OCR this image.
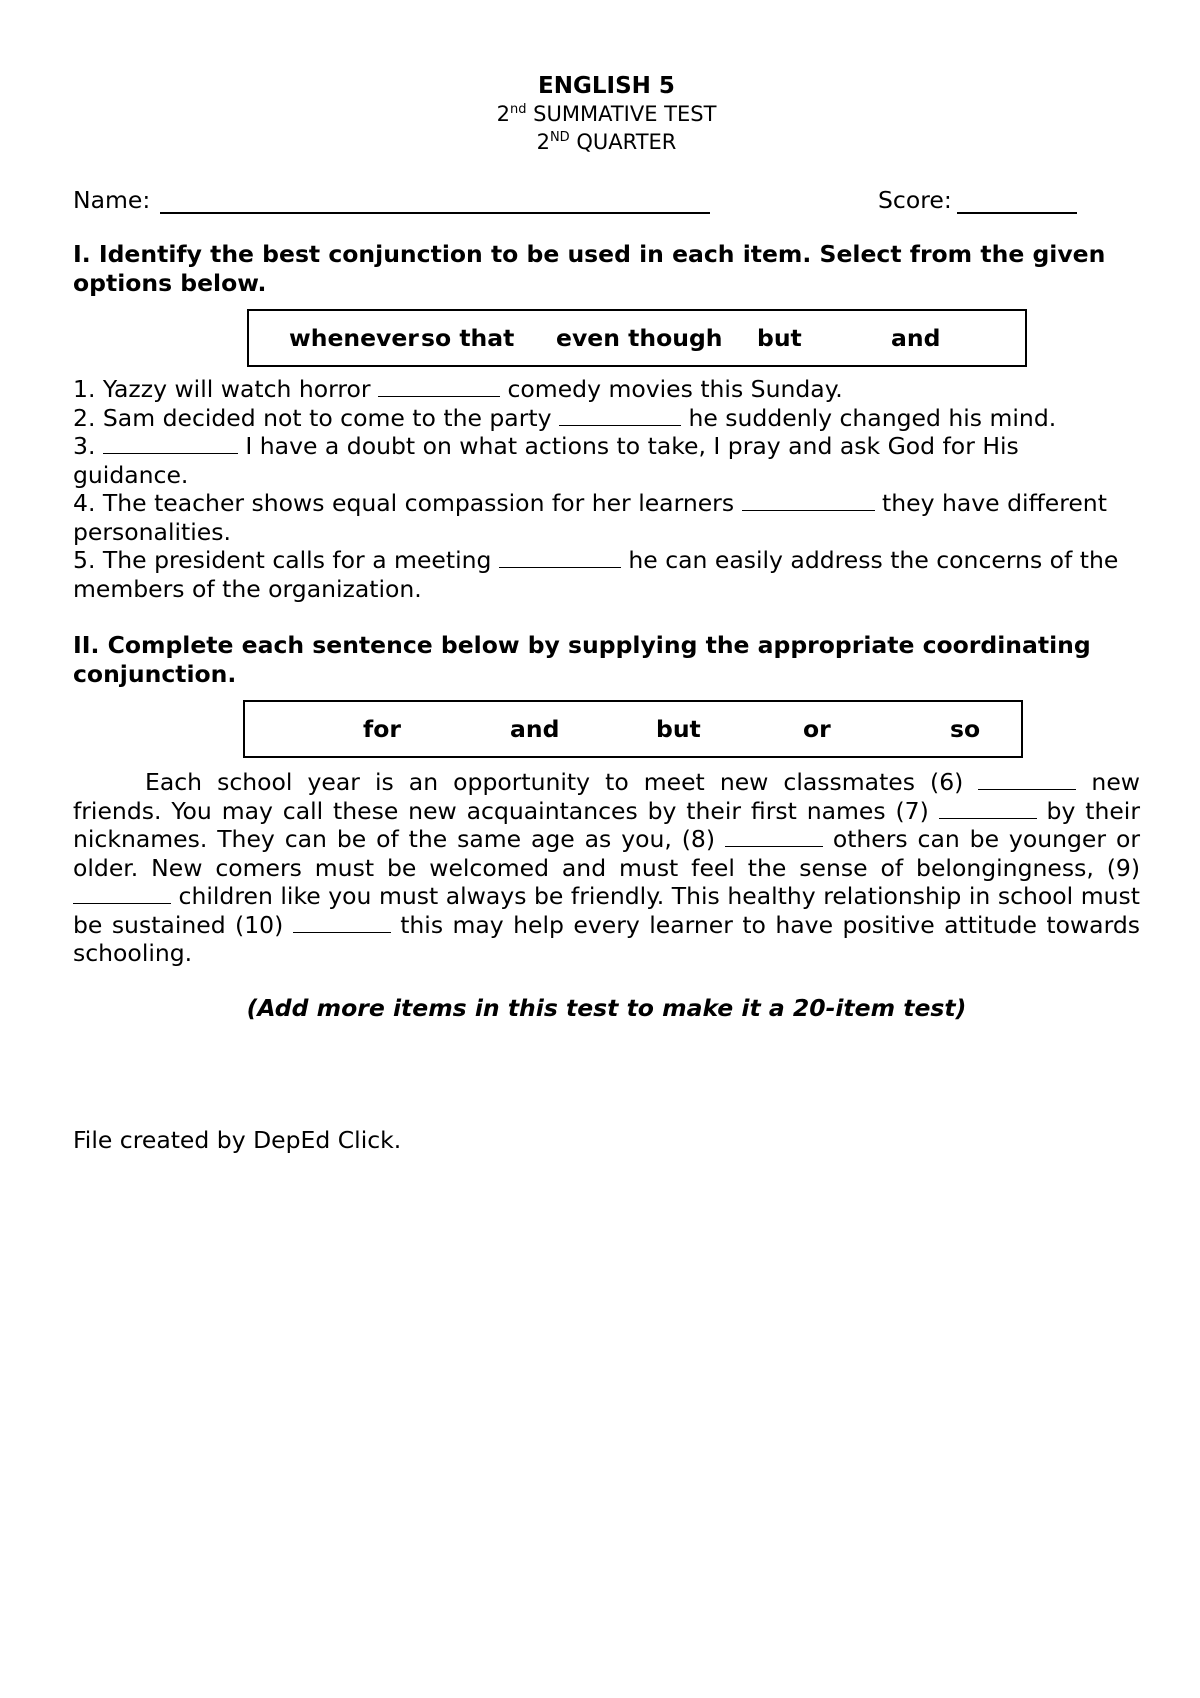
ENGLISH 5
2nd SUMMATIVE TEST
2ND QUARTER
Name:	Score:
I. Identify the best conjunction to be used in each item. Select from the given options below.
whenever so that even though but	and
1. Yazzy will watch horror	comedy movies this Sunday.
2. Sam decided not to come to the party	he suddenly changed his mind.
3.	I have a doubt on what actions to take, I pray and ask God for His guidance.
4. The teacher shows equal compassion for her learners	they have different personalities.
5. The president calls for a meeting	he can easily address the concerns of the members of the organization.
II. Complete each sentence below by supplying the appropriate coordinating conjunction.
for	and	but	or	so
Each school year is an opportunity to meet new classmates (6)	new friends. You may call these new acquaintances by their first names (7)	by their nicknames. They can be of the same age as you, (8)	others can be younger or older. New comers must be welcomed and must feel the sense of belongingness, (9)  children like you must always be friendly. This healthy relationship in school must be sustained (10)	this may help every learner to have positive attitude towards schooling.
(Add more items in this test to make it a 20-item test)
File created by DepEd Click.
